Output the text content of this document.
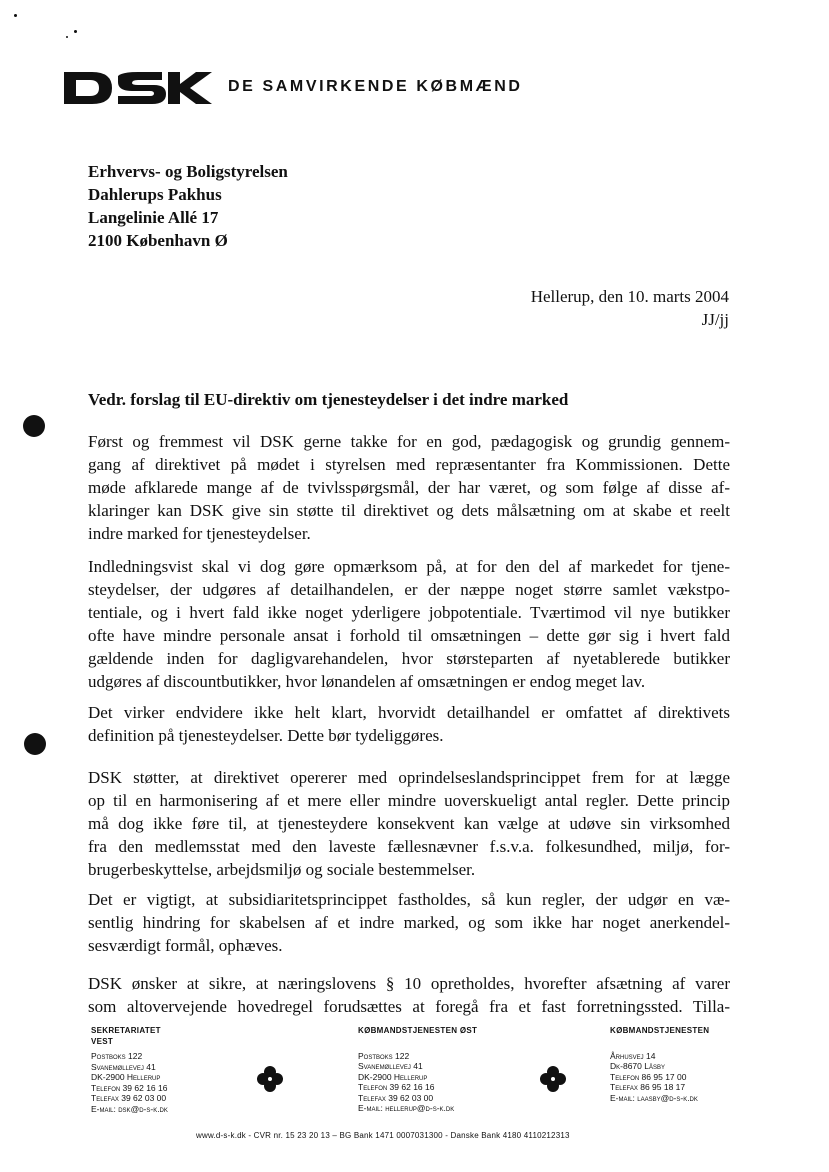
DE SAMVIRKENDE KØBMÆND
Erhvervs- og Boligstyrelsen
Dahlerups Pakhus
Langelinie Allé 17
2100 København Ø
Hellerup, den 10. marts 2004
JJ/jj
Vedr. forslag til EU-direktiv om tjenesteydelser i det indre marked
Først og fremmest vil DSK gerne takke for en god, pædagogisk og grundig gennem-
gang af direktivet på mødet i styrelsen med repræsentanter fra Kommissionen. Dette
møde afklarede mange af de tvivlsspørgsmål, der har været, og som følge af disse af-
klaringer kan DSK give sin støtte til direktivet og dets målsætning om at skabe et reelt
indre marked for tjenesteydelser.
Indledningsvist skal vi dog gøre opmærksom på, at for den del af markedet for tjene-
steydelser, der udgøres af detailhandelen, er der næppe noget større samlet vækstpo-
tentiale, og i hvert fald ikke noget yderligere jobpotentiale. Tværtimod vil nye butikker
ofte have mindre personale ansat i forhold til omsætningen – dette gør sig i hvert fald
gældende inden for dagligvarehandelen, hvor størsteparten af nyetablerede butikker
udgøres af discountbutikker, hvor lønandelen af omsætningen er endog meget lav.
Det virker endvidere ikke helt klart, hvorvidt detailhandel er omfattet af direktivets
definition på tjenesteydelser. Dette bør tydeliggøres.
DSK støtter, at direktivet opererer med oprindelseslandsprincippet frem for at lægge
op til en harmonisering af et mere eller mindre uoverskueligt antal regler. Dette princip
må dog ikke føre til, at tjenesteydere konsekvent kan vælge at udøve sin virksomhed
fra den medlemsstat med den laveste fællesnævner f.s.v.a. folkesundhed, miljø, for-
brugerbeskyttelse, arbejdsmiljø og sociale bestemmelser.
Det er vigtigt, at subsidiaritetsprincippet fastholdes, så kun regler, der udgør en væ-
sentlig hindring for skabelsen af et indre marked, og som ikke har noget anerkendel-
sesværdigt formål, ophæves.
DSK ønsker at sikre, at næringslovens § 10 opretholdes, hvorefter afsætning af varer
som altovervejende hovedregel forudsættes at foregå fra et fast forretningssted. Tilla-
SEKRETARIATET
VEST
Postboks 122
Svanemøllevej 41
DK-2900 Hellerup
Telefon 39 62 16 16
Telefax 39 62 03 00
E-mail: dsk@d-s-k.dk
KØBMANDSTJENESTEN ØST
Postboks 122
Svanemøllevej 41
DK-2900 Hellerup
Telefon 39 62 16 16
Telefax 39 62 03 00
E-mail: hellerup@d-s-k.dk
KØBMANDSTJENESTEN
Århusvej 14
Dk-8670 Låsby
Telefon 86 95 17 00
Telefax 86 95 18 17
E-mail: laasby@d-s-k.dk
www.d-s-k.dk - CVR nr. 15 23 20 13 – BG Bank 1471 0007031300 - Danske Bank 4180 4110212313
